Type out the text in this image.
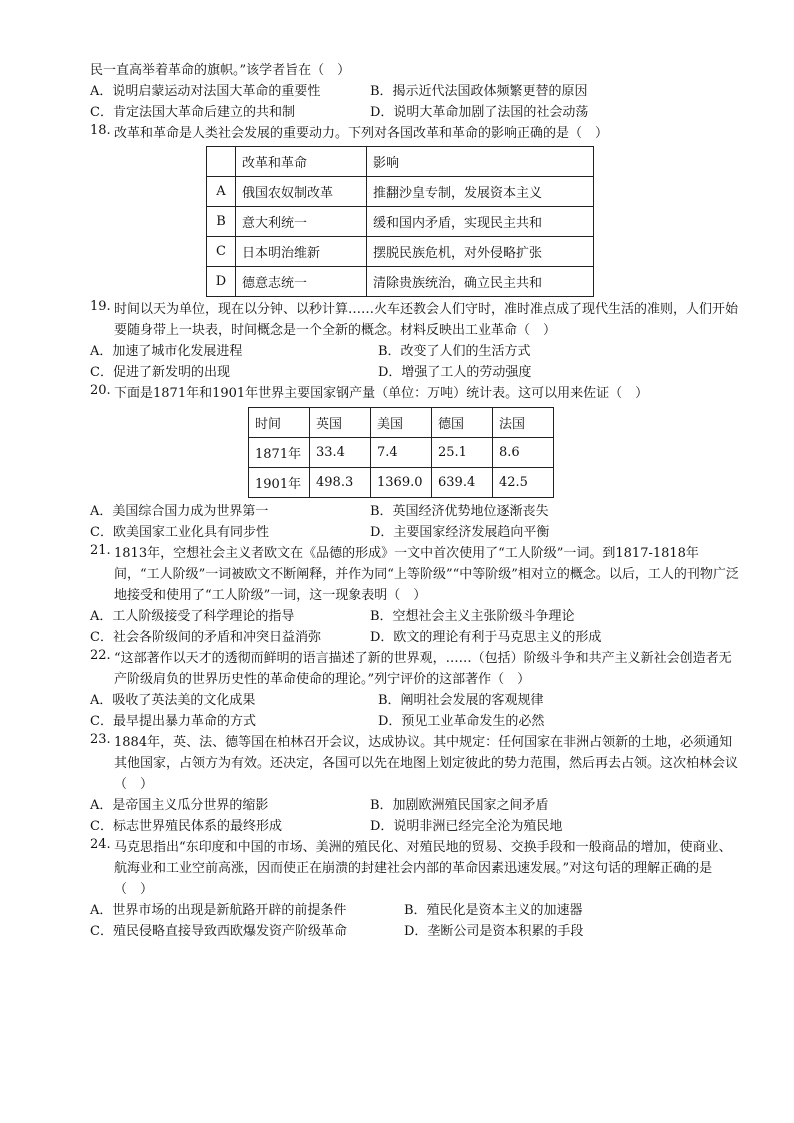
民一直高举着革命的旗帜。”该学者旨在（　）

A．说明启蒙运动对法国大革命的重要性	B．揭示近代法国政体频繁更替的原因
C．肯定法国大革命后建立的共和制	D．说明大革命加剧了法国的社会动荡
18. 改革和革命是人类社会发展的重要动力。下列对各国改革和革命的影响正确的是（　）

	改革和革命	影响
A	俄国农奴制改革	推翻沙皇专制，发展资本主义
B	意大利统一	缓和国内矛盾，实现民主共和
C	日本明治维新	摆脱民族危机，对外侵略扩张
D	德意志统一	清除贵族统治，确立民主共和
19. 时间以天为单位，现在以分钟、以秒计算……火车还教会人们守时，准时准点成了现代生活的准则，人们开始要随身带上一块表，时间概念是一个全新的概念。材料反映出工业革命（　）

A．加速了城市化发展进程	B．改变了人们的生活方式
C．促进了新发明的出现	D．增强了工人的劳动强度
20. 下面是1871年和1901年世界主要国家钢产量（单位：万吨）统计表。这可以用来佐证（　）

时间	英国	美国	德国	法国
1871年	33.4	7.4	25.1	8.6
1901年	498.3	1369.0	639.4	42.5
A．美国综合国力成为世界第一	B．英国经济优势地位逐渐丧失
C．欧美国家工业化具有同步性	D．主要国家经济发展趋向平衡
21. 1813年，空想社会主义者欧文在《品德的形成》一文中首次使用了“工人阶级”一词。到1817-1818年间，“工人阶级”一词被欧文不断阐释，并作为同“上等阶级”“中等阶级”相对立的概念。以后，工人的刊物广泛地接受和使用了“工人阶级”一词，这一现象表明（　）

A．工人阶级接受了科学理论的指导	B．空想社会主义主张阶级斗争理论
C．社会各阶级间的矛盾和冲突日益消弥	D．欧文的理论有利于马克思主义的形成
22. “这部著作以天才的透彻而鲜明的语言描述了新的世界观，……（包括）阶级斗争和共产主义新社会创造者无产阶级肩负的世界历史性的革命使命的理论。”列宁评价的这部著作（　）

A．吸收了英法美的文化成果	B．阐明社会发展的客观规律
C．最早提出暴力革命的方式	D．预见工业革命发生的必然
23. 1884年，英、法、德等国在柏林召开会议，达成协议。其中规定：任何国家在非洲占领新的土地，必须通知其他国家，占领方为有效。还决定，各国可以先在地图上划定彼此的势力范围，然后再去占领。这次柏林会议（　）

A．是帝国主义瓜分世界的缩影	B．加剧欧洲殖民国家之间矛盾
C．标志世界殖民体系的最终形成	D．说明非洲已经完全沦为殖民地
24. 马克思指出“东印度和中国的市场、美洲的殖民化、对殖民地的贸易、交换手段和一般商品的增加，使商业、航海业和工业空前高涨，因而使正在崩溃的封建社会内部的革命因素迅速发展。”对这句话的理解正确的是（　）

A．世界市场的出现是新航路开辟的前提条件	B．殖民化是资本主义的加速器
C．殖民侵略直接导致西欧爆发资产阶级革命	D．垄断公司是资本积累的手段
